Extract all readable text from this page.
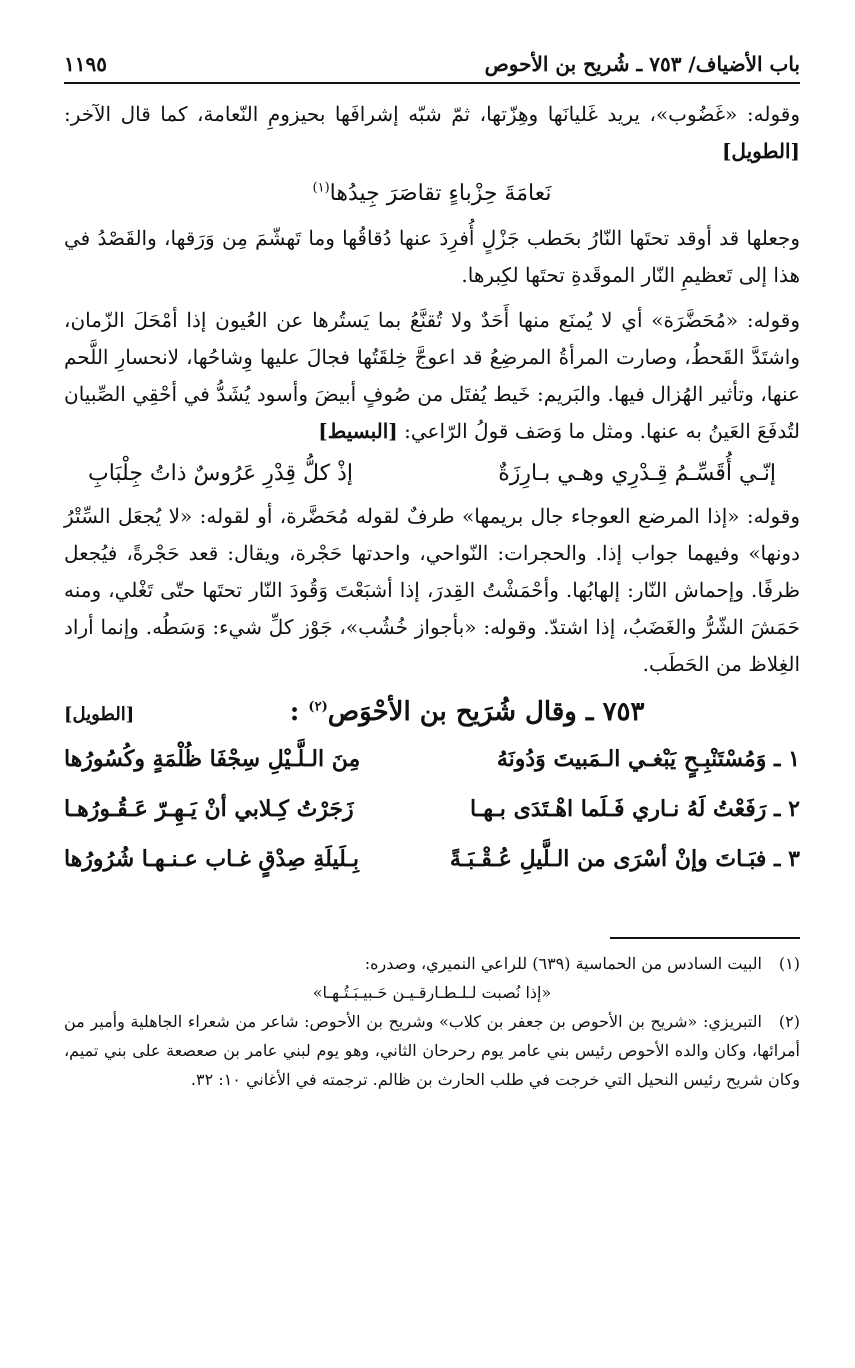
باب الأضياف/ ٧٥٣ ـ شُريح بن الأحوص
١١٩٥

وقوله: «غَضُوب»، يريد غَليانَها وهِزّتها، ثمّ شبّه إشرافَها بحيزومِ النّعامة، كما قال الآخر: [الطويل]

نَعامَةَ حِزْباءٍ تقاصَرَ جِيدُها$^{(١)}$

وجعلها قد أوقد تحتَها النّارُ بحَطب جَزْلٍ أُفرِدَ عنها دُقاقُها وما تَهشّمَ مِن وَرَقها، والقَصْدُ في هذا إلى تَعظيمِ النّار الموقَدةِ تحتَها لكِبرها.

وقوله: «مُحَضَّرَة» أي لا يُمنَع منها أَحَدٌ ولا تُقنَّعُ بما يَستُرها عن العُيون إذا أمْحَلَ الزّمان، واشتَدَّ القَحطُ، وصارت المرأةُ المرضِعُ قد اعوجَّ خِلقَتُها فجالَ عليها وِشاحُها، لانحسارِ اللَّحم عنها، وتأثير الهُزال فيها. والبَريم: خَيط يُفتَل من صُوفٍ أبيضَ وأسود يُشَدُّ في أحْقِي الصِّبيان لتُدفَعَ العَينُ به عنها. ومثل ما وَصَف قولُ الرّاعي: [البسيط]

إنّـي أُقَسِّـمُ قِـدْرِي وهـي بـارِزَةٌ
إذْ كلُّ قِدْرِ عَرُوسٌ ذاتُ جِلْبَابِ

وقوله: «إذا المرضع العوجاء جال بريمها» طرفٌ لقوله مُحَضَّرة، أو لقوله: «لا يُجعَل السِّتْرُ دونها» وفيهما جواب إذا. والحجرات: النّواحي، واحدتها حَجْرة، ويقال: قعد حَجْرةً، فيُجعل ظرفًا. وإحماش النّار: إلهابُها. وأحْمَشْتُ القِدرَ، إذا أشبَعْتَ وَقُودَ النّار تحتَها حتّى تَغْلي، ومنه حَمَشَ الشّرُّ والغَضَبُ، إذا اشتدّ. وقوله: «بأجواز خُشُب»، جَوْز كلِّ شيء: وَسَطُه. وإنما أراد الغِلاظ من الحَطَب.

٧٥٣ ـ وقال شُرَيح بن الأحْوَص$^{(٢)}$ :
[الطويل]
١ ـ وَمُسْتَنْبِـحٍ يَبْغـي الـمَبيتَ وَدُونَهُ
مِنَ الـلَّـيْلِ سِجْفَا ظُلْمَةٍ وكُسُورُها
٢ ـ رَفَعْتُ لَهُ نـاري فَـلَما اهْـتَدَى بـهـا
زَجَرْتُ كِـلابي أنْ يَـهِـرّ عَـقُـورُهـا
٣ ـ فبَـاتَ وإنْ أسْرَى من الـلَّيلِ عُـقْـبَـةً
بِـلَيلَةِ صِدْقٍ غـاب عـنـهـا شُرُورُها

(١)البيت السادس من الحماسية (٦٣٩) للراعي النميري، وصدره:

«إذا نُصبت لـلـطـارقـيـن حَـبيـبَـتُـهـا»

(٢)التبريزي: «شريح بن الأحوص بن جعفر بن كلاب» وشريح بن الأحوص: شاعر من شعراء الجاهلية وأمير من أمرائها، وكان والده الأحوص رئيس بني عامر يوم رحرحان الثاني، وهو يوم لبني عامر بن صعصعة على بني تميم، وكان شريح رئيس النحيل التي خرجت في طلب الحارث بن ظالم. ترجمته في الأغاني ١٠: ٣٢.
